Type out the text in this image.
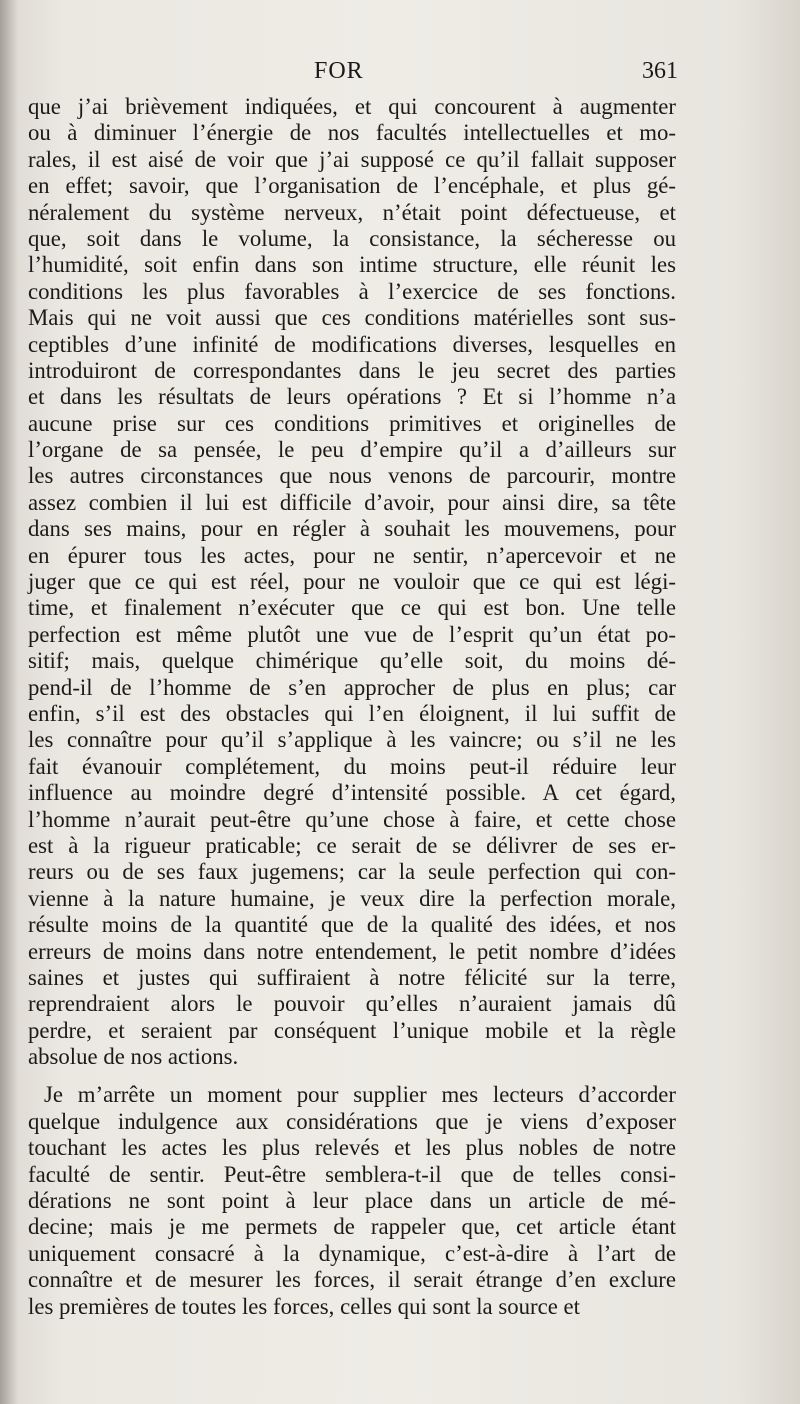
FOR	361
que j’ai brièvement indiquées, et qui concourent à augmenter
ou à diminuer l’énergie de nos facultés intellectuelles et mo-
rales, il est aisé de voir que j’ai supposé ce qu’il fallait supposer
en effet; savoir, que l’organisation de l’encéphale, et plus gé-
néralement du système nerveux, n’était point défectueuse, et
que, soit dans le volume, la consistance, la sécheresse ou
l’humidité, soit enfin dans son intime structure, elle réunit les
conditions les plus favorables à l’exercice de ses fonctions.
Mais qui ne voit aussi que ces conditions matérielles sont sus-
ceptibles d’une infinité de modifications diverses, lesquelles en
introduiront de correspondantes dans le jeu secret des parties
et dans les résultats de leurs opérations ? Et si l’homme n’a
aucune prise sur ces conditions primitives et originelles de
l’organe de sa pensée, le peu d’empire qu’il a d’ailleurs sur
les autres circonstances que nous venons de parcourir, montre
assez combien il lui est difficile d’avoir, pour ainsi dire, sa tête
dans ses mains, pour en régler à souhait les mouvemens, pour
en épurer tous les actes, pour ne sentir, n’apercevoir et ne
juger que ce qui est réel, pour ne vouloir que ce qui est légi-
time, et finalement n’exécuter que ce qui est bon. Une telle
perfection est même plutôt une vue de l’esprit qu’un état po-
sitif; mais, quelque chimérique qu’elle soit, du moins dé-
pend-il de l’homme de s’en approcher de plus en plus; car
enfin, s’il est des obstacles qui l’en éloignent, il lui suffit de
les connaître pour qu’il s’applique à les vaincre; ou s’il ne les
fait évanouir complétement, du moins peut-il réduire leur
influence au moindre degré d’intensité possible. A cet égard,
l’homme n’aurait peut-être qu’une chose à faire, et cette chose
est à la rigueur praticable; ce serait de se délivrer de ses er-
reurs ou de ses faux jugemens; car la seule perfection qui con-
vienne à la nature humaine, je veux dire la perfection morale,
résulte moins de la quantité que de la qualité des idées, et nos
erreurs de moins dans notre entendement, le petit nombre d’idées
saines et justes qui suffiraient à notre félicité sur la terre,
reprendraient alors le pouvoir qu’elles n’auraient jamais dû
perdre, et seraient par conséquent l’unique mobile et la règle
absolue de nos actions.
Je m’arrête un moment pour supplier mes lecteurs d’accorder
quelque indulgence aux considérations que je viens d’exposer
touchant les actes les plus relevés et les plus nobles de notre
faculté de sentir. Peut-être semblera-t-il que de telles consi-
dérations ne sont point à leur place dans un article de mé-
decine; mais je me permets de rappeler que, cet article étant
uniquement consacré à la dynamique, c’est-à-dire à l’art de
connaître et de mesurer les forces, il serait étrange d’en exclure
les premières de toutes les forces, celles qui sont la source et
